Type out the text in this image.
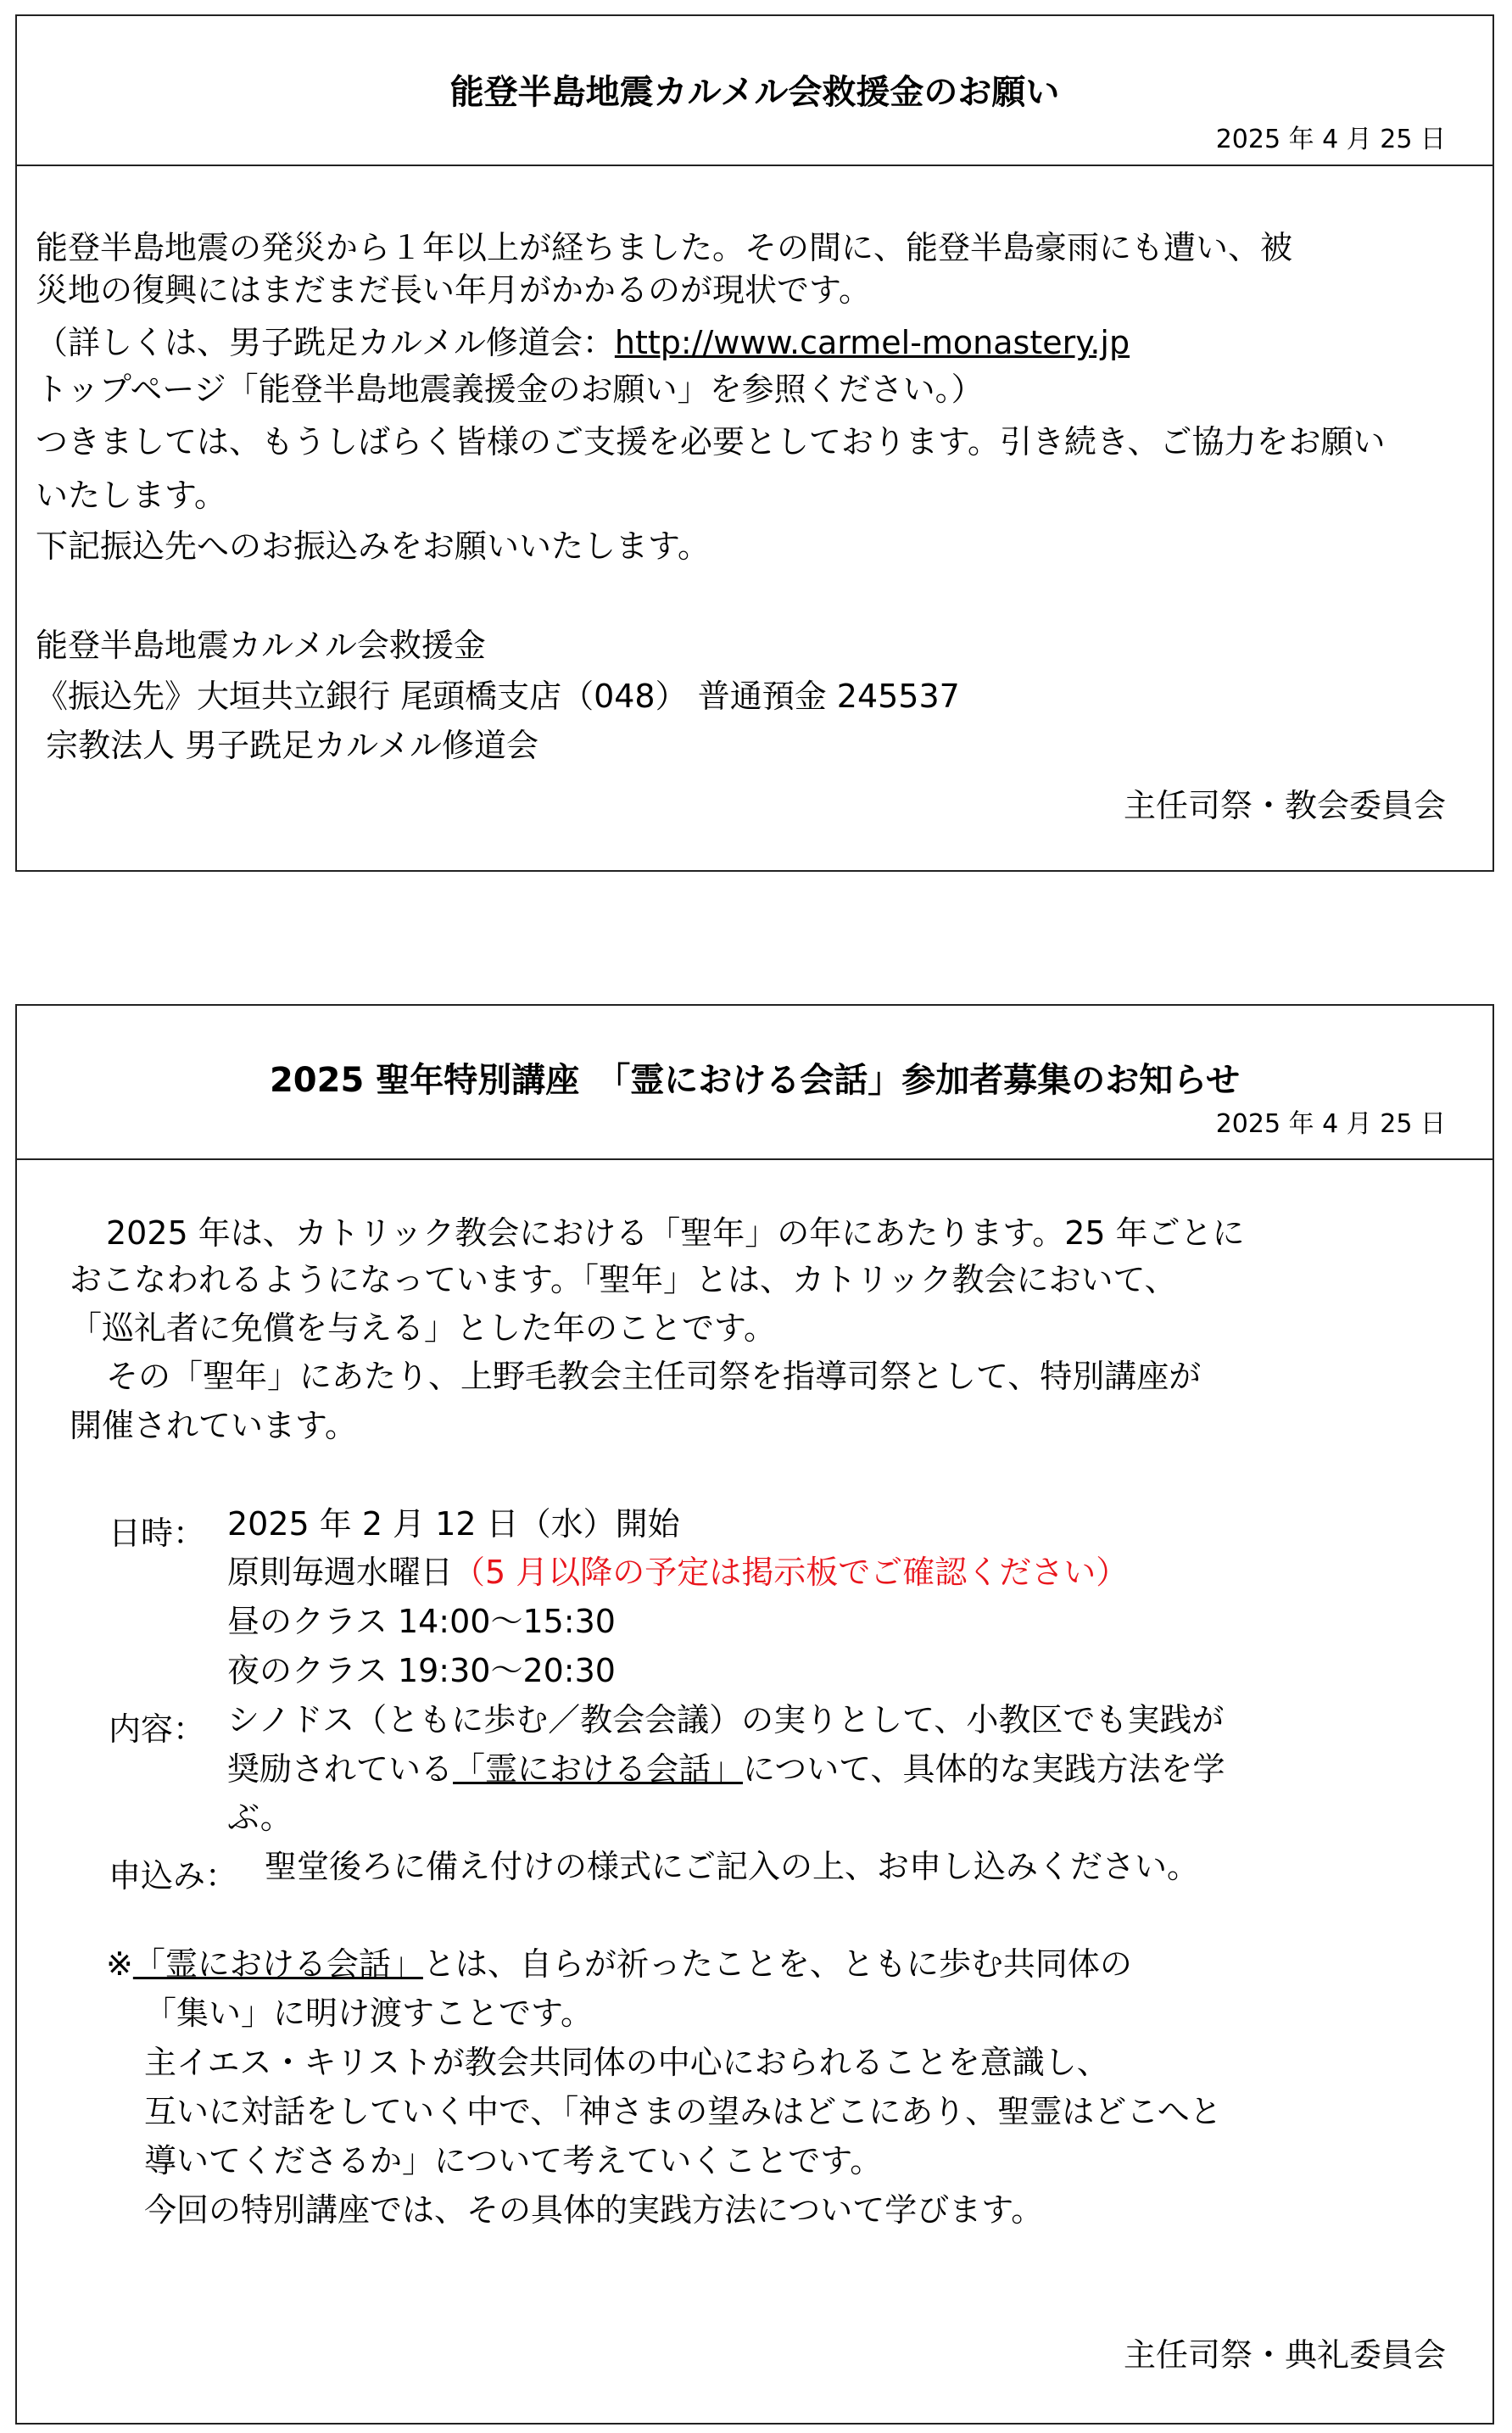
能登半島地震カルメル会救援金のお願い
2025 年 4 月 25 日
能登半島地震の発災から１年以上が経ちました。その間に、能登半島豪雨にも遭い、被
災地の復興にはまだまだ長い年月がかかるのが現状です。
（詳しくは、男子跣足カルメル修道会：http://www.carmel-monastery.jp
トップページ「能登半島地震義援金のお願い」を参照ください。）
つきましては、もうしばらく皆様のご支援を必要としております。引き続き、ご協力をお願い
いたします。
下記振込先へのお振込みをお願いいたします。
能登半島地震カルメル会救援金
《振込先》大垣共立銀行 尾頭橋支店（048） 普通預金 245537
宗教法人 男子跣足カルメル修道会
主任司祭・教会委員会
2025 聖年特別講座　「霊における会話」参加者募集のお知らせ
2025 年 4 月 25 日
2025 年は、カトリック教会における「聖年」の年にあたります。25 年ごとに
おこなわれるようになっています。「聖年」とは、カトリック教会において、
「巡礼者に免償を与える」とした年のことです。
その「聖年」にあたり、上野毛教会主任司祭を指導司祭として、特別講座が
開催されています。
日時： 2025 年 2 月 12 日（水）開始
原則毎週水曜日（5 月以降の予定は掲示板でご確認ください）
昼のクラス 14:00～15:30
夜のクラス 19:30～20:30
内容： シノドス（ともに歩む／教会会議）の実りとして、小教区でも実践が
奨励されている「霊における会話」について、具体的な実践方法を学
ぶ。
申込み： 聖堂後ろに備え付けの様式にご記入の上、お申し込みください。
※「霊における会話」とは、自らが祈ったことを、ともに歩む共同体の
「集い」に明け渡すことです。
主イエス・キリストが教会共同体の中心におられることを意識し、
互いに対話をしていく中で、「神さまの望みはどこにあり、聖霊はどこへと
導いてくださるか」について考えていくことです。
今回の特別講座では、その具体的実践方法について学びます。
主任司祭・典礼委員会
